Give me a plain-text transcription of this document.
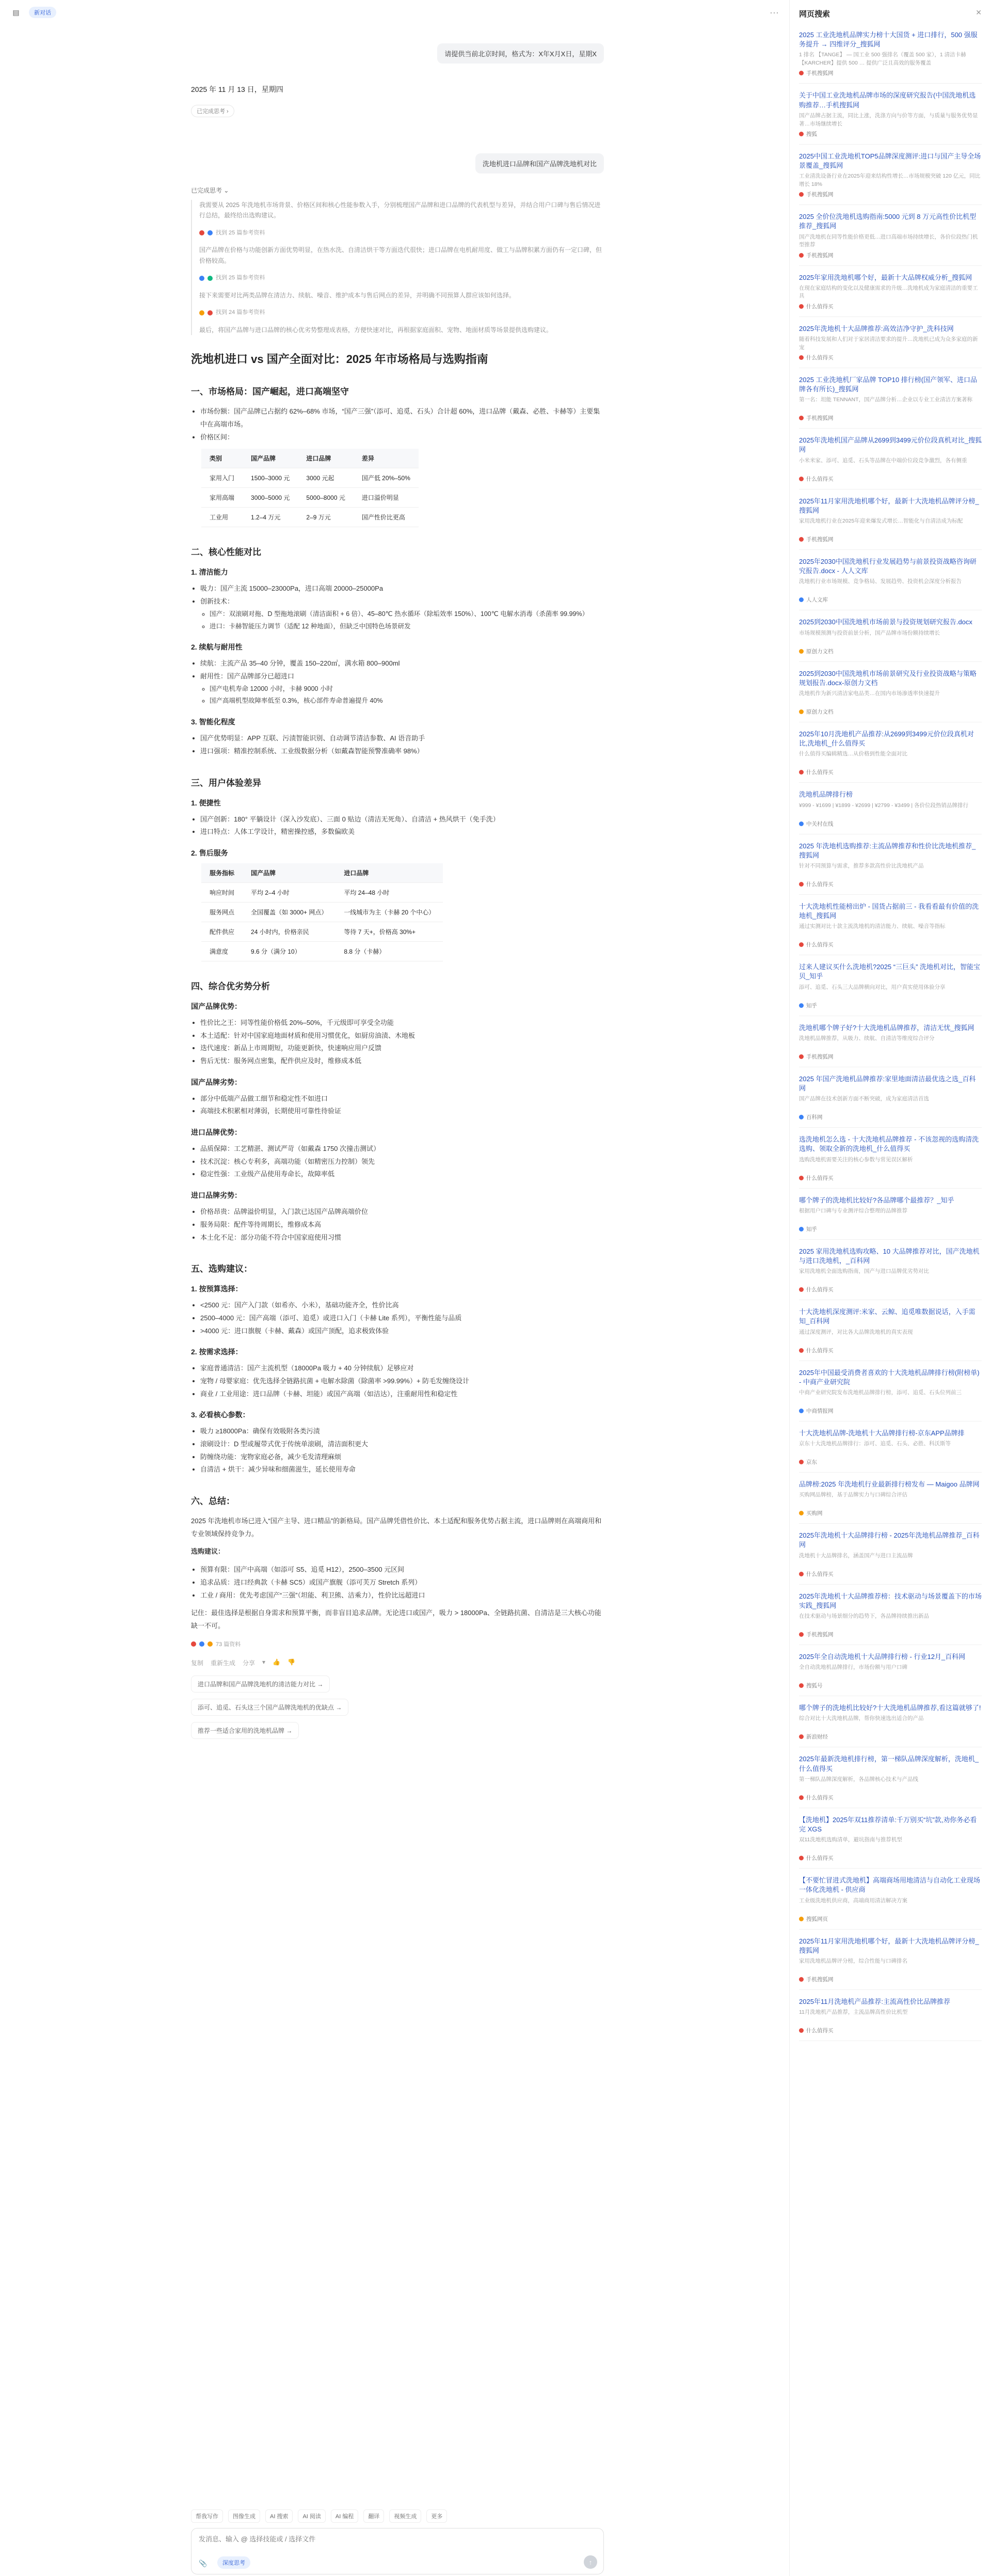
▤	新对话	···
请提供当前北京时间，格式为：X年X月X日，星期X
2025 年 11 月 13 日，星期四
已完成思考 ›
洗地机进口品牌和国产品牌洗地机对比
已完成思考 ⌄

我需要从 2025 年洗地机市场背景、价格区间和核心性能参数入手，分别梳理国产品牌和进口品牌的代表机型与差异，并结合用户口碑与售后情况进行总结，最终给出选购建议。

找到 25 篇参考资料

国产品牌在价格与功能创新方面优势明显，在热水洗、自清洁烘干等方面迭代很快；进口品牌在电机耐用度、做工与品牌积累方面仍有一定口碑，但价格较高。

找到 25 篇参考资料

接下来需要对比两类品牌在清洁力、续航、噪音、维护成本与售后网点的差异，并明确不同预算人群应该如何选择。

找到 24 篇参考资料

最后，将国产品牌与进口品牌的核心优劣势整理成表格，方便快速对比，再根据家庭面积、宠物、地面材质等场景提供选购建议。

洗地机进口 vs 国产全面对比：2025 年市场格局与选购指南
一、市场格局：国产崛起，进口高端坚守
• 市场份额：国产品牌已占据约 62%–68% 市场，“国产三强”（添可、追觅、石头）合计超 60%，进口品牌（戴森、必胜、卡赫等）主要集中在高端市场。
• 价格区间：
类别	国产品牌	进口品牌	差异
家用入门	1500–3000 元	3000 元起	国产低 20%–50%
家用高端	3000–5000 元	5000–8000 元	进口溢价明显
工业用	1.2–4 万元	2–9 万元	国产性价比更高
二、核心性能对比
1. 清洁能力
• 吸力：国产主流 15000–23000Pa，进口高端 20000–25000Pa
• 创新技术：
◦ 国产：双滚刷对拖、D 型拖地滚刷（清洁面积 + 6 倍）、45–80℃ 热水循环（除垢效率 150%）、100℃ 电解水消毒（杀菌率 99.99%）
◦ 进口：卡赫智能压力调节（适配 12 种地面），但缺乏中国特色场景研发
2. 续航与耐用性
• 续航：主流产品 35–40 分钟，覆盖 150–220㎡，满水箱 800–900ml
• 耐用性：国产品牌部分已超进口
◦ 国产电机寿命 12000 小时，卡赫 9000 小时
◦ 国产高端机型故障率低至 0.3%，核心部件寿命普遍提升 40%
3. 智能化程度
• 国产优势明显：APP 互联、污渍智能识别、自动调节清洁参数、AI 语音助手
• 进口强项：精准控制系统、工业级数据分析（如戴森智能预警准确率 98%）
三、用户体验差异
1. 便捷性
• 国产创新：180° 平躺设计（深入沙发底）、三面 0 贴边（清洁无死角）、自清洁 + 热风烘干（免手洗）
• 进口特点：人体工学设计，精密操控感，多数偏欧美
2. 售后服务
服务指标	国产品牌	进口品牌
响应时间	平均 2–4 小时	平均 24–48 小时
服务网点	全国覆盖（如 3000+ 网点）	一线城市为主（卡赫 20 个中心）
配件供应	24 小时内，价格亲民	等待 7 天+，价格高 30%+
满意度	9.6 分（满分 10）	8.8 分（卡赫）
四、综合优劣势分析
国产品牌优势：
• 性价比之王：同等性能价格低 20%–50%，千元级即可享受全功能
• 本土适配：针对中国家庭地面材质和使用习惯优化，如厨房油渍、木地板
• 迭代速度：新品上市周期短，功能更新快，快速响应用户反馈
• 售后无忧：服务网点密集，配件供应及时，维修成本低
国产品牌劣势：
• 部分中低端产品做工细节和稳定性不如进口
• 高端技术积累相对薄弱，长期使用可靠性待验证
进口品牌优势：
• 品质保障：工艺精湛、测试严苛（如戴森 1750 次撞击测试）
• 技术沉淀：核心专利多，高端功能（如精密压力控制）领先
• 稳定性强：工业级产品使用寿命长，故障率低
进口品牌劣势：
• 价格昂贵：品牌溢价明显，入门款已达国产品牌高端价位
• 服务局限：配件等待周期长，维修成本高
• 本土化不足：部分功能不符合中国家庭使用习惯
五、选购建议：
1. 按预算选择：
• <2500 元：国产入门款（如希亦、小米），基础功能齐全，性价比高
• 2500–4000 元：国产高端（添可、追觅）或进口入门（卡赫 Lite 系列），平衡性能与品质
• >4000 元：进口旗舰（卡赫、戴森）或国产顶配，追求极致体验
2. 按需求选择：
• 家庭普通清洁：国产主流机型（18000Pa 吸力 + 40 分钟续航）足够应对
• 宠物 / 母婴家庭：优先选择全链路抗菌 + 电解水除菌（除菌率 >99.99%）+ 防毛发缠绕设计
• 商业 / 工业用途：进口品牌（卡赫、坦能）或国产高端（如洁达），注重耐用性和稳定性
3. 必看核心参数：
• 吸力 ≥18000Pa：确保有效吸附各类污渍
• 滚刷设计：D 型或履带式优于传统单滚刷，清洁面积更大
• 防缠绕功能：宠物家庭必备，减少毛发清理麻烦
• 自清洁 + 烘干：减少异味和细菌滋生，延长使用寿命
六、总结：

2025 年洗地机市场已进入“国产主导、进口精品”的新格局。国产品牌凭借性价比、本土适配和服务优势占据主流，进口品牌则在高端商用和专业领域保持竞争力。

选购建议：

• 预算有限：国产中高端（如添可 S5、追觅 H12），2500–3500 元区间
• 追求品质：进口经典款（卡赫 SC5）或国产旗舰（添可芙万 Stretch 系列）
• 工业 / 商用：优先考虑国产“三强”（坦能、利卫熊、洁乘力），性价比远超进口

记住：最佳选择是根据自身需求和预算平衡，而非盲目追求品牌。无论进口或国产，吸力 > 18000Pa、全链路抗菌、自清洁是三大核心功能缺一不可。

73 篇资料
复制 重新生成 分享 ▾ 👍 👎
进口品牌和国产品牌洗地机的清洁能力对比 →
添可、追觅、石头这三个国产品牌洗地机的优缺点 →
推荐一些适合家用的洗地机品牌 →
帮我写作	图像生成	AI 搜索	AI 阅读	AI 编程	翻译	视频生成	更多
发消息、输入 @ 选择技能或 / 选择文件
📎	深度思考	↑
网页搜索	✕
2025 工业洗地机品牌实力榜十大国货 + 进口排行，500 强服务提升 → 四维评分_搜狐网
1 排名 【TANGE】 — 国工业 500 强排名（覆盖 500 家），1 清洁卡赫【KARCHER】提供 500 … 提供广泛且高效的服务覆盖
手机搜狐网
关于中国工业洗地机品牌市场的深度研究报告(中国洗地机选购推荐…手机搜狐网
国产品牌占据主流，同比上涨，洗涤方向与价等方面，与质量与服务优势显著…市场继续增长
搜狐
2025中国工业洗地机TOP5品牌深度测评:进口与国产主导全场景覆盖_搜狐网
工业清洗设备行业在2025年迎来结构性增长…市场规模突破 120 亿元，同比增长 18%
手机搜狐网
2025 全价位洗地机选购指南:5000 元到 8 万元高性价比机型推荐_搜狐网
国产洗地机在同等性能价格更低…进口高端市场持续增长，各价位段热门机型推荐
手机搜狐网
2025年家用洗地机哪个好，最新十大品牌权威分析_搜狐网
在现在家庭结构的变化以及健康需求的升级…洗地机成为家庭清洁的重要工具
什么值得买
2025年洗地机十大品牌推荐:高效洁净守护_洗科技网
随着科技发展和人们对于家居清洁要求的提升…洗地机已成为众多家庭的新宠
什么值得买
2025 工业洗地机厂家品牌 TOP10 排行榜(国产领军、进口品牌各有所长)_搜狐网
第一名：坦能 TENNANT，国产品牌分析…企业以专业工业清洁方案著称
手机搜狐网
2025年洗地机国产品牌从2699到3499元价位段真机对比_搜狐网
小米米家、添可、追觅、石头等品牌在中端价位段竞争激烈，各有侧重
什么值得买
2025年11月家用洗地机哪个好，最新十大洗地机品牌评分榜_搜狐网
家用洗地机行业在2025年迎来爆发式增长…智能化与自清洁成为标配
手机搜狐网
2025年2030中国洗地机行业发展趋势与前景投资战略咨询研究报告.docx - 人人文库
洗地机行业市场规模、竞争格局、发展趋势、投资机会深度分析报告
人人文库
2025到2030中国洗地机市场前景与投资规划研究报告.docx
市场规模预测与投资前景分析，国产品牌市场份额持续增长
原创力文档
2025到2030中国洗地机市场前景研究及行业投资战略与策略规划报告.docx-原创力文档
洗地机作为新兴清洁家电品类…在国内市场渗透率快速提升
原创力文档
2025年10月洗地机产品推荐:从2699到3499元价位段真机对比,洗地机_什么值得买
什么值得买编辑精选…从价格到性能全面对比
什么值得买
洗地机品牌排行榜
¥999 - ¥1699 | ¥1899 - ¥2699 | ¥2799 - ¥3499 | 各价位段热销品牌排行
中关村在线
2025 年洗地机选购推荐:主流品牌推荐和性价比洗地机推荐_搜狐网
针对不同预算与需求，推荐多款高性价比洗地机产品
什么值得买
十大洗地机性能榜出炉 - 国货占据前三 - 我看看最有价值的洗地机_搜狐网
通过实测对比十款主流洗地机的清洁能力、续航、噪音等指标
什么值得买
过来人建议买什么洗地机?2025 “三巨头” 洗地机对比，智能宝贝_知乎
添可、追觅、石头三大品牌横向对比，用户真实使用体验分享
知乎
洗地机哪个牌子好?十大洗地机品牌推荐，清洁无忧_搜狐网
洗地机品牌推荐，从吸力、续航、自清洁等维度综合评分
手机搜狐网
2025 年国产洗地机品牌推荐:家里地面清洁最优选之选_百科网
国产品牌在技术创新方面不断突破，成为家庭清洁首选
百科网
选洗地机怎么选 - 十大洗地机品牌推荐 - 不该忽视的选购清洗选购、领取全新的洗地机_什么值得买
选购洗地机需要关注的核心参数与常见误区解析
什么值得买
哪个牌子的洗地机比较好?各品牌哪个最推荐？_知乎
根据用户口碑与专业测评综合整理的品牌推荐
知乎
2025 家用洗地机选购攻略、10 大品牌推荐对比，国产洗地机与进口洗地机，_百科网
家用洗地机全面选购指南，国产与进口品牌优劣势对比
什么值得买
十大洗地机深度测评:米家、云鲸、追觅唯数据说话，入手需知_百科网
通过深度测评，对比各大品牌洗地机的真实表现
什么值得买
2025年中国最受消费者喜欢的十大洗地机品牌排行榜(附榜单) - 中商产业研究院
中商产业研究院发布洗地机品牌排行榜，添可、追觅、石头位列前三
中商情报网
十大洗地机品牌-洗地机十大品牌排行榜-京东APP品牌排
京东十大洗地机品牌排行：添可、追觅、石头、必胜、科沃斯等
京东
品牌榜:2025 年洗地机行业最新排行榜发布 — Maigoo 品牌网
买购网品牌榜，基于品牌实力与口碑综合评估
买购网
2025年洗地机十大品牌排行榜 - 2025年洗地机品牌推荐_百科网
洗地机十大品牌排名，涵盖国产与进口主流品牌
什么值得买
2025年洗地机十大品牌推荐榜：技术驱动与场景覆盖下的市场实践_搜狐网
在技术驱动与场景细分的趋势下，各品牌持续推出新品
手机搜狐网
2025年全自动洗地机十大品牌排行榜 - 行业12月_百科网
全自动洗地机品牌排行，市场份额与用户口碑
搜狐号
哪个牌子的洗地机比较好?十大洗地机品牌推荐,看这篇就够了!
综合对比十大洗地机品牌，帮你快速选出适合的产品
新浪财经
2025年最新洗地机排行榜，第一梯队品牌深度解析，洗地机_什么值得买
第一梯队品牌深度解析，各品牌核心技术与产品线
什么值得买
【洗地机】2025年双11推荐清单:千万别买“坑”款,劝你务必看完 XGS
双11洗地机选购清单，避坑指南与推荐机型
什么值得买
【不要忙冒进式洗地机】高端商场用地清洁与自动化工业现场一体化洗地机 - 供应商
工业级洗地机供应商，高端商用清洁解决方案
搜狐网页
2025年11月家用洗地机哪个好，最新十大洗地机品牌评分榜_搜狐网
家用洗地机品牌评分榜，综合性能与口碑排名
手机搜狐网
2025年11月洗地机产品推荐:主流高性价比品牌推荐
11月洗地机产品推荐，主流品牌高性价比机型
什么值得买
